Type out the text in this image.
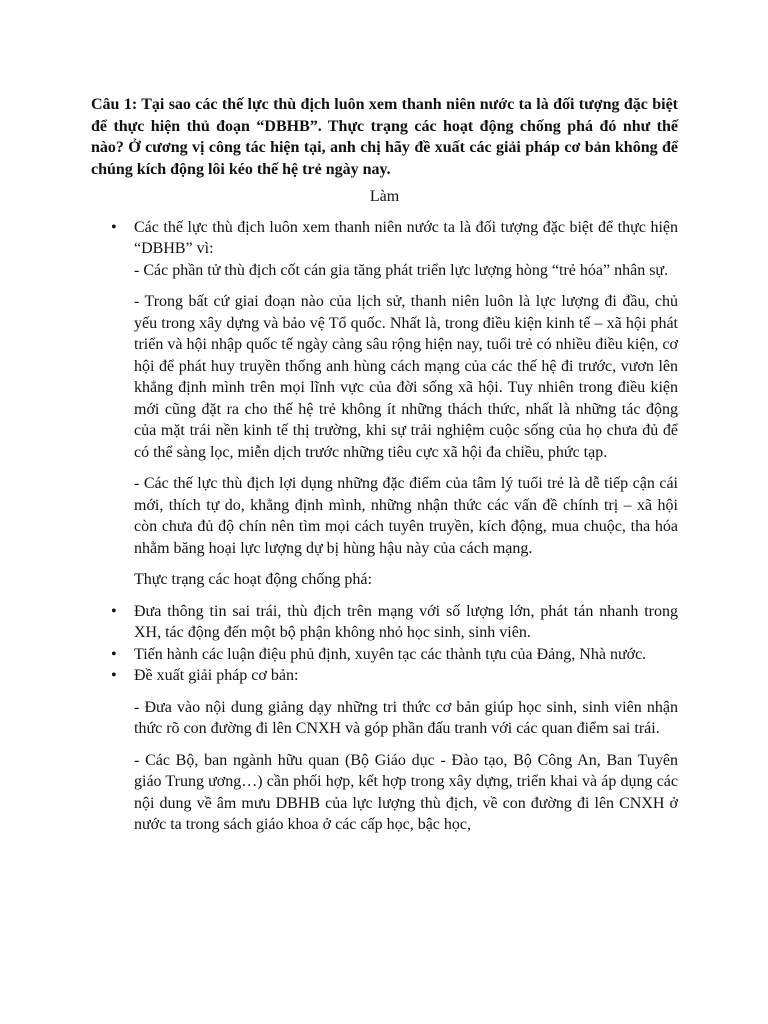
Câu 1: Tại sao các thế lực thù địch luôn xem thanh niên nước ta là đối tượng đặc biệt để thực hiện thủ đoạn “DBHB”. Thực trạng các hoạt động chống phá đó như thế nào? Ở cương vị công tác hiện tại, anh chị hãy đề xuất các giải pháp cơ bản không để chúng kích động lôi kéo thế hệ trẻ ngày nay.

Làm

• Các thế lực thù địch luôn xem thanh niên nước ta là đối tượng đặc biệt để thực hiện “DBHB” vì:

- Các phần tử thù địch cốt cán gia tăng phát triển lực lượng hòng “trẻ hóa” nhân sự.

- Trong bất cứ giai đoạn nào của lịch sử, thanh niên luôn là lực lượng đi đầu, chủ yếu trong xây dựng và bảo vệ Tổ quốc. Nhất là, trong điều kiện kinh tế – xã hội phát triển và hội nhập quốc tế ngày càng sâu rộng hiện nay, tuổi trẻ có nhiều điều kiện, cơ hội để phát huy truyền thống anh hùng cách mạng của các thế hệ đi trước, vươn lên khẳng định mình trên mọi lĩnh vực của đời sống xã hội. Tuy nhiên trong điều kiện mới cũng đặt ra cho thế hệ trẻ không ít những thách thức, nhất là những tác động của mặt trái nền kinh tế thị trường, khi sự trải nghiệm cuộc sống của họ chưa đủ để có thể sàng lọc, miễn dịch trước những tiêu cực xã hội đa chiều, phức tạp.

- Các thế lực thù địch lợi dụng những đặc điểm của tâm lý tuổi trẻ là dễ tiếp cận cái mới, thích tự do, khẳng định mình, những nhận thức các vấn đề chính trị – xã hội còn chưa đủ độ chín nên tìm mọi cách tuyên truyền, kích động, mua chuộc, tha hóa nhằm băng hoại lực lượng dự bị hùng hậu này của cách mạng.

Thực trạng các hoạt động chống phá:

• Đưa thông tin sai trái, thù địch trên mạng với số lượng lớn, phát tán nhanh trong XH, tác động đến một bộ phận không nhỏ học sinh, sinh viên.

• Tiến hành các luận điệu phủ định, xuyên tạc các thành tựu của Đảng, Nhà nước.

• Đề xuất giải pháp cơ bản:

- Đưa vào nội dung giảng dạy những tri thức cơ bản giúp học sinh, sinh viên nhận thức rõ con đường đi lên CNXH và góp phần đấu tranh với các quan điểm sai trái.

- Các Bộ, ban ngành hữu quan (Bộ Giáo dục - Đào tạo, Bộ Công An, Ban Tuyên giáo Trung ương…) cần phối hợp, kết hợp trong xây dựng, triển khai và áp dụng các nội dung về âm mưu DBHB của lực lượng thù địch, về con đường đi lên CNXH ở nước ta trong sách giáo khoa ở các cấp học, bậc học,
